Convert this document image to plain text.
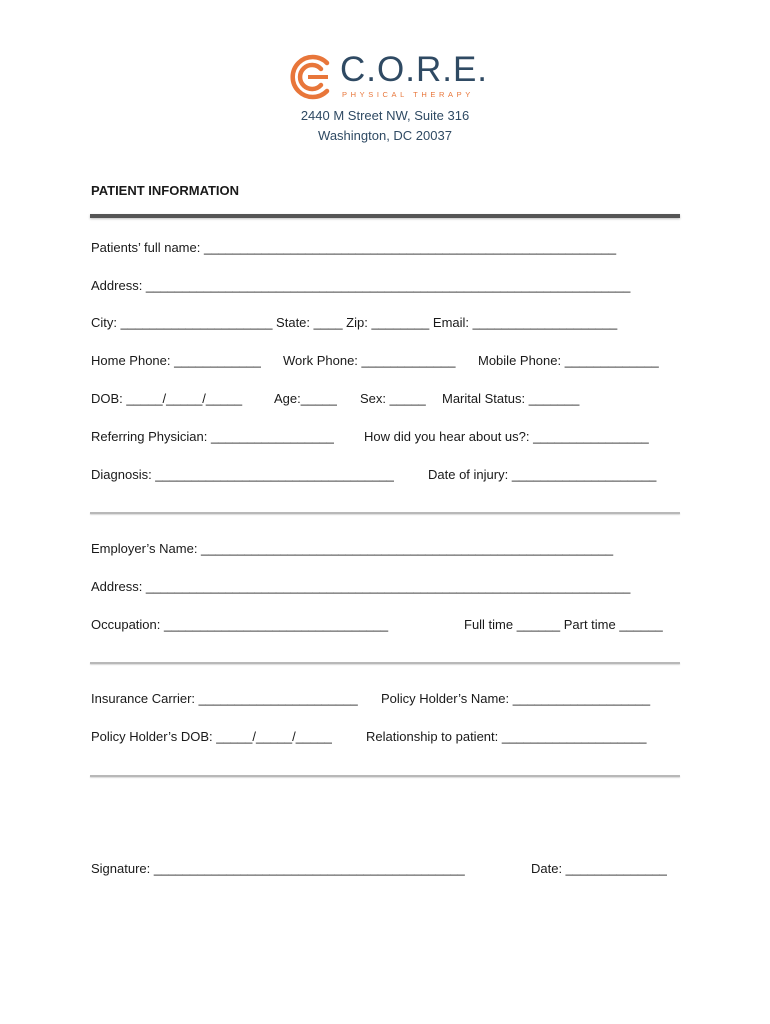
C.O.R.E.
PHYSICAL THERAPY
2440 M Street NW, Suite 316
Washington, DC 20037
PATIENT INFORMATION
Patients’ full name: _________________________________________________________
Address: ___________________________________________________________________
City: _____________________ State: ____ Zip: ________ Email: ____________________
Home Phone: ____________ Work Phone: _____________ Mobile Phone: _____________
DOB: _____/_____/_____ Age:_____ Sex: _____ Marital Status: _______
Referring Physician: _________________ How did you hear about us?: ________________
Diagnosis: _________________________________	Date of injury: ____________________
Employer’s Name: _________________________________________________________
Address: ___________________________________________________________________
Occupation: _______________________________	Full time ______ Part time ______
Insurance Carrier: ______________________ Policy Holder’s Name: ___________________
Policy Holder’s DOB: _____/_____/_____	Relationship to patient: ____________________
Signature: ___________________________________________	Date: ______________
